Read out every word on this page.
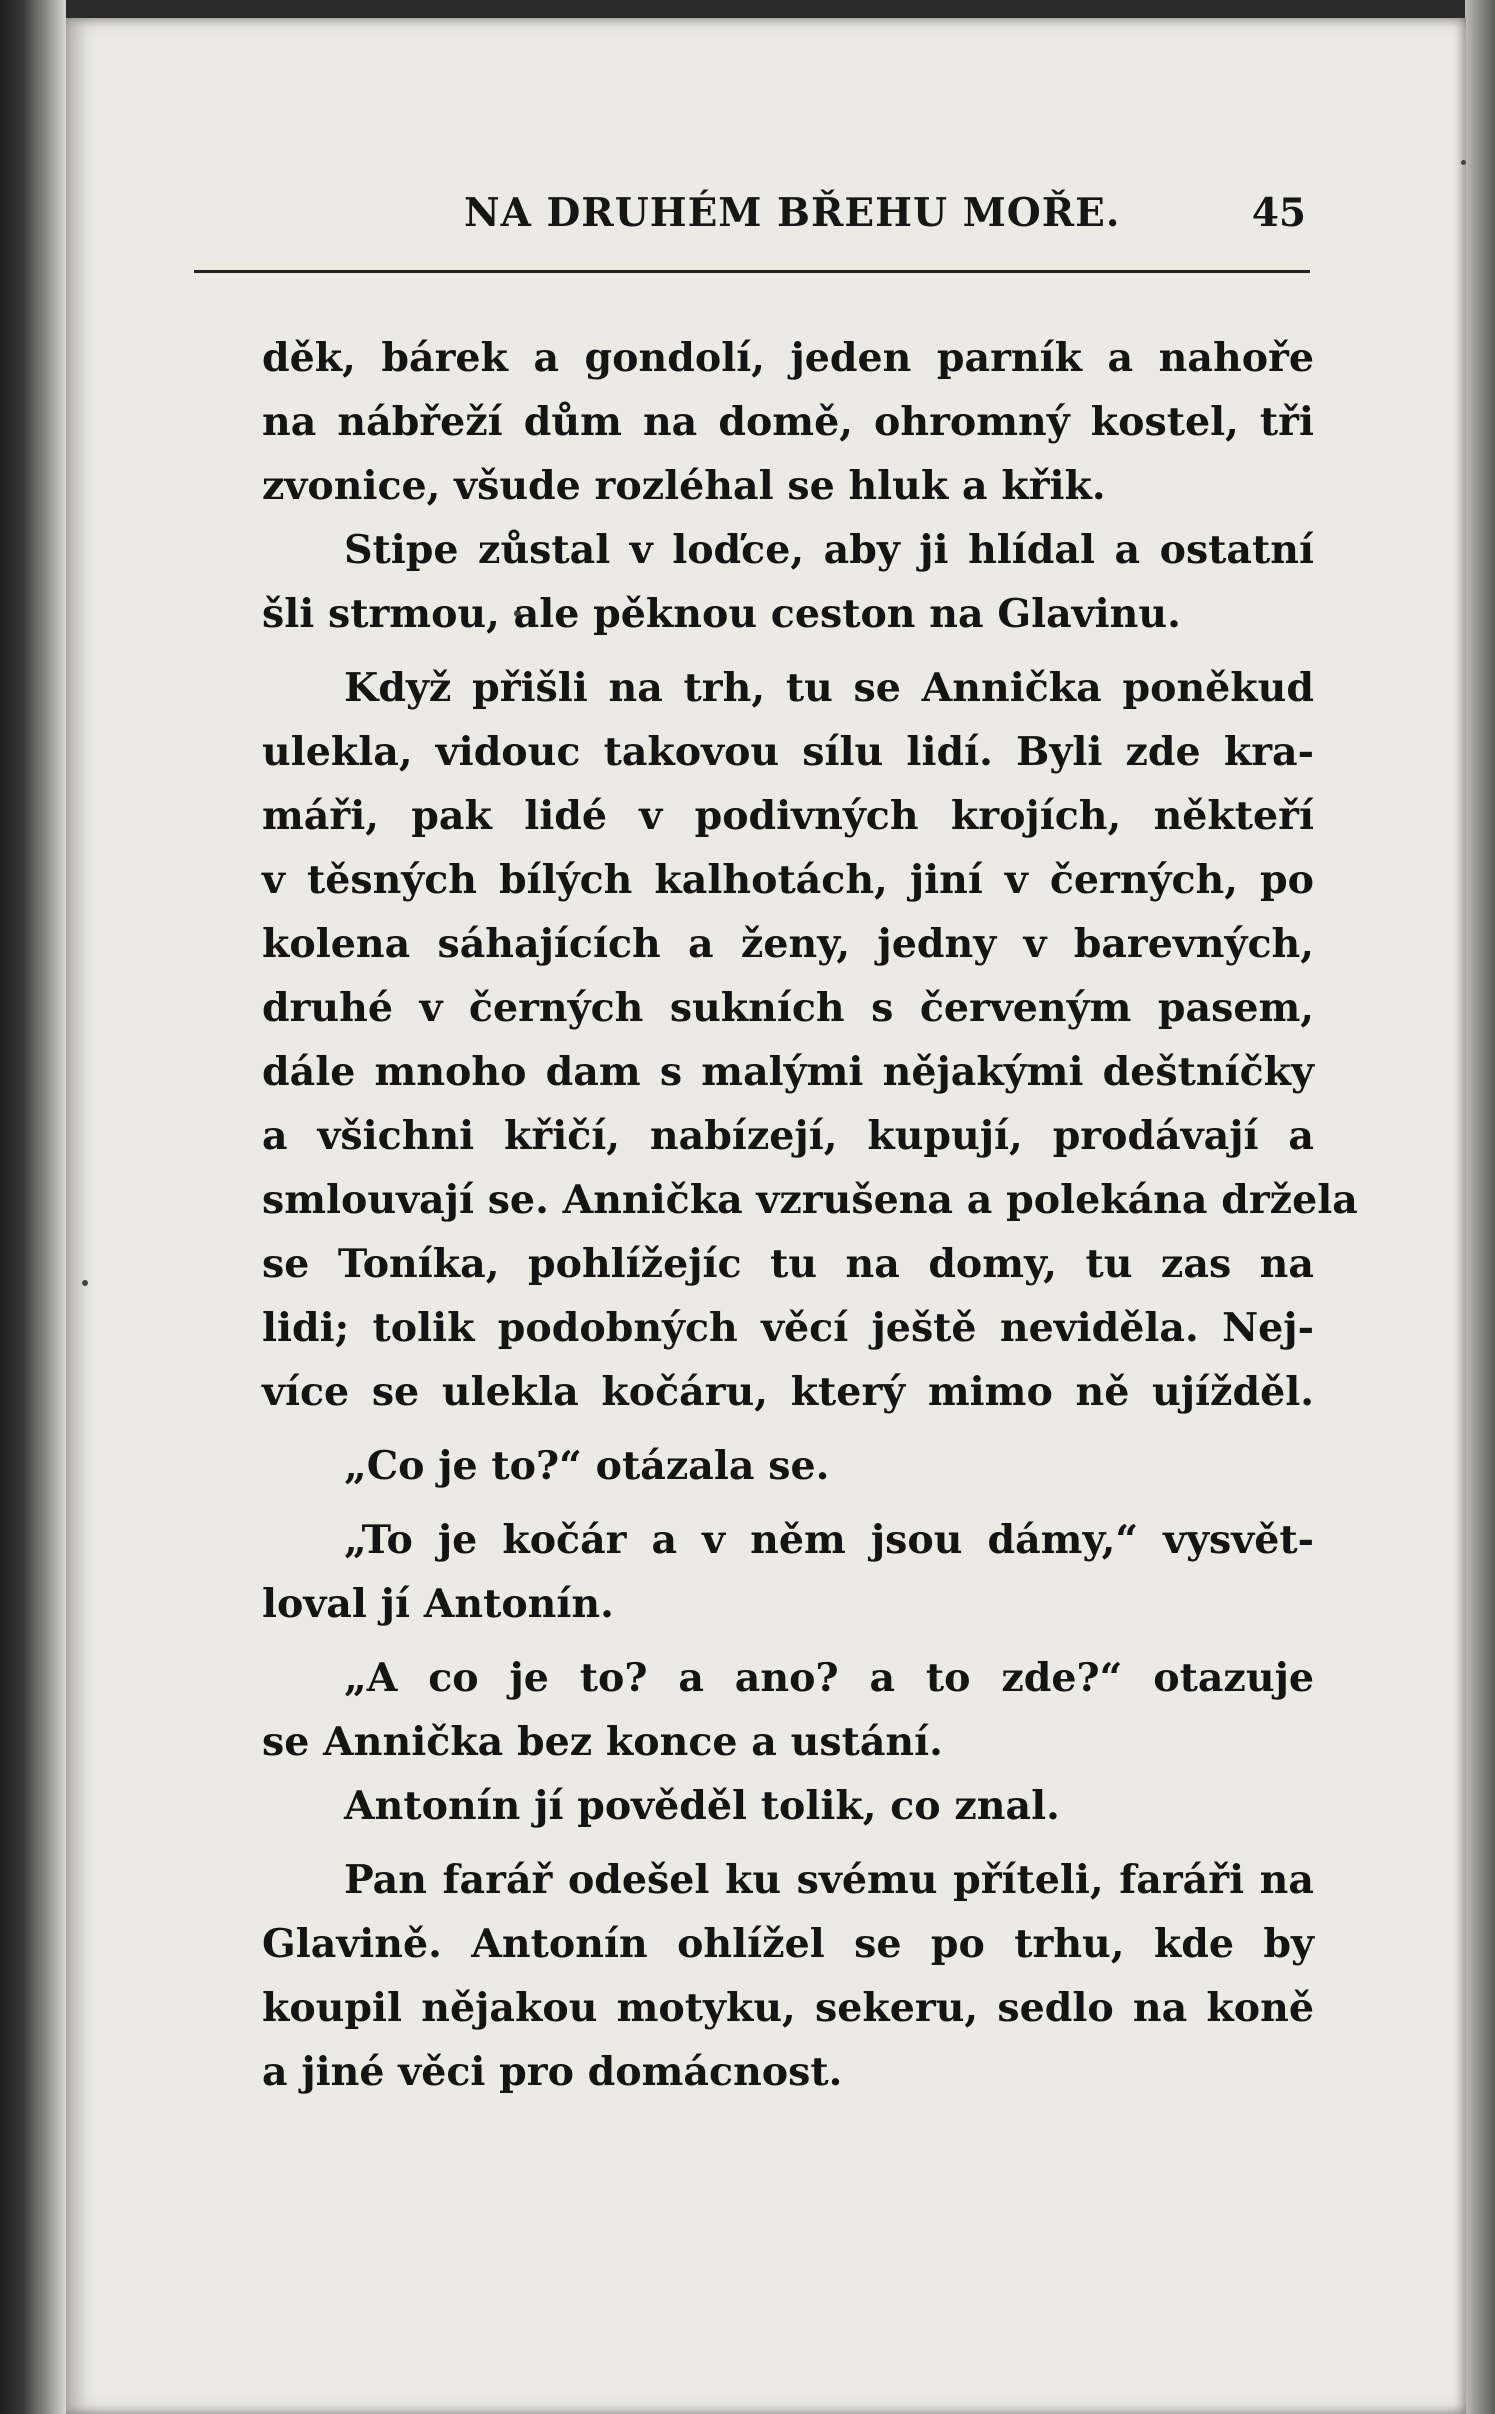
NA DRUHÉM BŘEHU MOŘE.	45
děk, bárek a gondolí, jeden parník a nahoře
na nábřeží dům na domě, ohromný kostel, tři
zvonice, všude rozléhal se hluk a křik.
Stipe zůstal v loďce, aby ji hlídal a ostatní
šli strmou, ale pěknou ceston na Glavinu.
Když přišli na trh, tu se Annička poněkud
ulekla, vidouc takovou sílu lidí. Byli zde kra-
máři, pak lidé v podivných krojích, někteří
v těsných bílých kalhotách, jiní v černých, po
kolena sáhajících a ženy, jedny v barevných,
druhé v černých sukních s červeným pasem,
dále mnoho dam s malými nějakými deštníčky
a všichni křičí, nabízejí, kupují, prodávají a
smlouvají se. Annička vzrušena a polekána držela
se Toníka, pohlížejíc tu na domy, tu zas na
lidi; tolik podobných věcí ještě neviděla. Nej-
více se ulekla kočáru, který mimo ně ujížděl.
„Co je to?“ otázala se.
„To je kočár a v něm jsou dámy,“ vysvět-
loval jí Antonín.
„A co je to? a ano? a to zde?“ otazuje
se Annička bez konce a ustání.
Antonín jí pověděl tolik, co znal.
Pan farář odešel ku svému příteli, faráři na
Glavině. Antonín ohlížel se po trhu, kde by
koupil nějakou motyku, sekeru, sedlo na koně
a jiné věci pro domácnost.
